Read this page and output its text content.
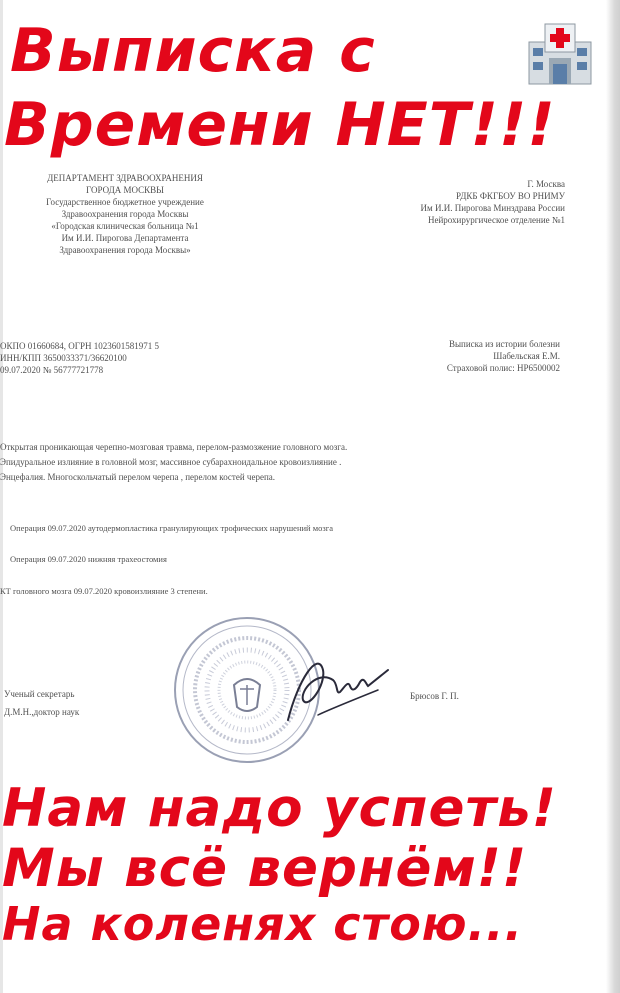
ДЕПАРТАМЕНТ ЗДРАВООХРАНЕНИЯ
ГОРОДА МОСКВЫ
Государственное бюджетное учреждение
Здравоохранения города Москвы
«Городская клиническая больница №1
Им И.И. Пирогова Департамента
Здравоохранения города Москвы»
Г. Москва
РДКБ ФКГБОУ ВО РНИМУ
Им И.И. Пирогова Минздрава России
Нейрохирургическое отделение №1
ОКПО 01660684, ОГРН 1023601581971 5
ИНН/КПП 3650033371/36620100
09.07.2020 № 56777721778
Выписка из истории болезни
Шабельская Е.М.
Страховой полис: НР6500002
Открытая проникающая черепно-мозговая травма, перелом-размозжение головного мозга.
Эпидуральное излияние в головной мозг, массивное субарахноидальное кровоизлияние .
Энцефалия. Многоскольчатый перелом черепа , перелом костей черепа.
Операция 09.07.2020 аутодермопластика гранулирующих трофических нарушений мозга
Операция 09.07.2020 нижняя трахеостомия
КТ головного мозга 09.07.2020 кровоизлияние 3 степени.
Ученый секретарь
Д.М.Н.,доктор наук
Брюсов Г. П.
Выписка с
Времени НЕТ!!!
Нам надо успеть!
Мы всё вернём!!
На коленях стою...
